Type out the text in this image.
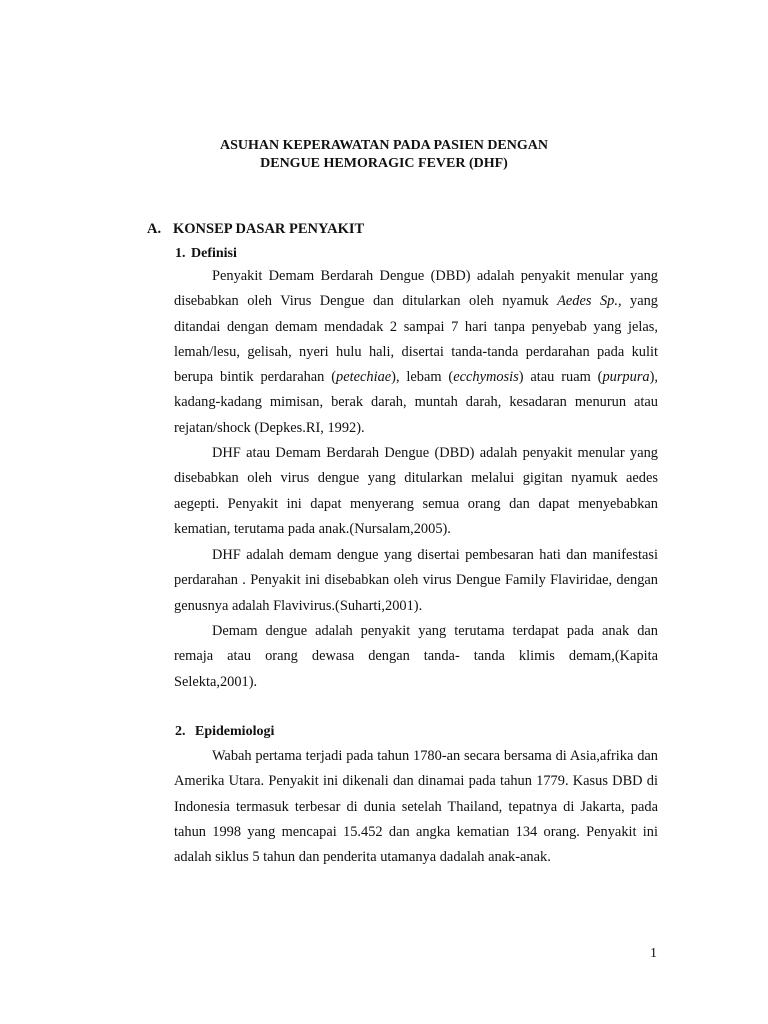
ASUHAN KEPERAWATAN PADA PASIEN DENGAN
DENGUE HEMORAGIC FEVER (DHF)
A. KONSEP DASAR PENYAKIT
1. Definisi

Penyakit Demam Berdarah Dengue (DBD) adalah penyakit menular yang disebabkan oleh Virus Dengue dan ditularkan oleh nyamuk Aedes Sp., yang ditandai dengan demam mendadak 2 sampai 7 hari tanpa penyebab yang jelas, lemah/lesu, gelisah, nyeri hulu hali, disertai tanda-tanda perdarahan pada kulit berupa bintik perdarahan (petechiae), lebam (ecchymosis) atau ruam (purpura), kadang-kadang mimisan, berak darah, muntah darah, kesadaran menurun atau rejatan/shock (Depkes.RI, 1992).

DHF atau Demam Berdarah Dengue (DBD) adalah penyakit menular yang disebabkan oleh virus dengue yang ditularkan melalui gigitan nyamuk aedes aegepti. Penyakit ini dapat menyerang semua orang dan dapat menyebabkan kematian, terutama pada anak.(Nursalam,2005).

DHF adalah demam dengue yang disertai pembesaran hati dan manifestasi perdarahan . Penyakit ini disebabkan oleh virus Dengue Family Flaviridae, dengan genusnya adalah Flavivirus.(Suharti,2001).

Demam dengue adalah penyakit yang terutama terdapat pada anak dan remaja atau orang dewasa dengan tanda- tanda klimis demam,(Kapita Selekta,2001).

2. Epidemiologi

Wabah pertama terjadi pada tahun 1780-an secara bersama di Asia,afrika dan Amerika Utara. Penyakit ini dikenali dan dinamai pada tahun 1779. Kasus DBD di Indonesia termasuk terbesar di dunia setelah Thailand, tepatnya di Jakarta, pada tahun 1998 yang mencapai 15.452 dan angka kematian 134 orang. Penyakit ini adalah siklus 5 tahun dan penderita utamanya dadalah anak-anak.

1
